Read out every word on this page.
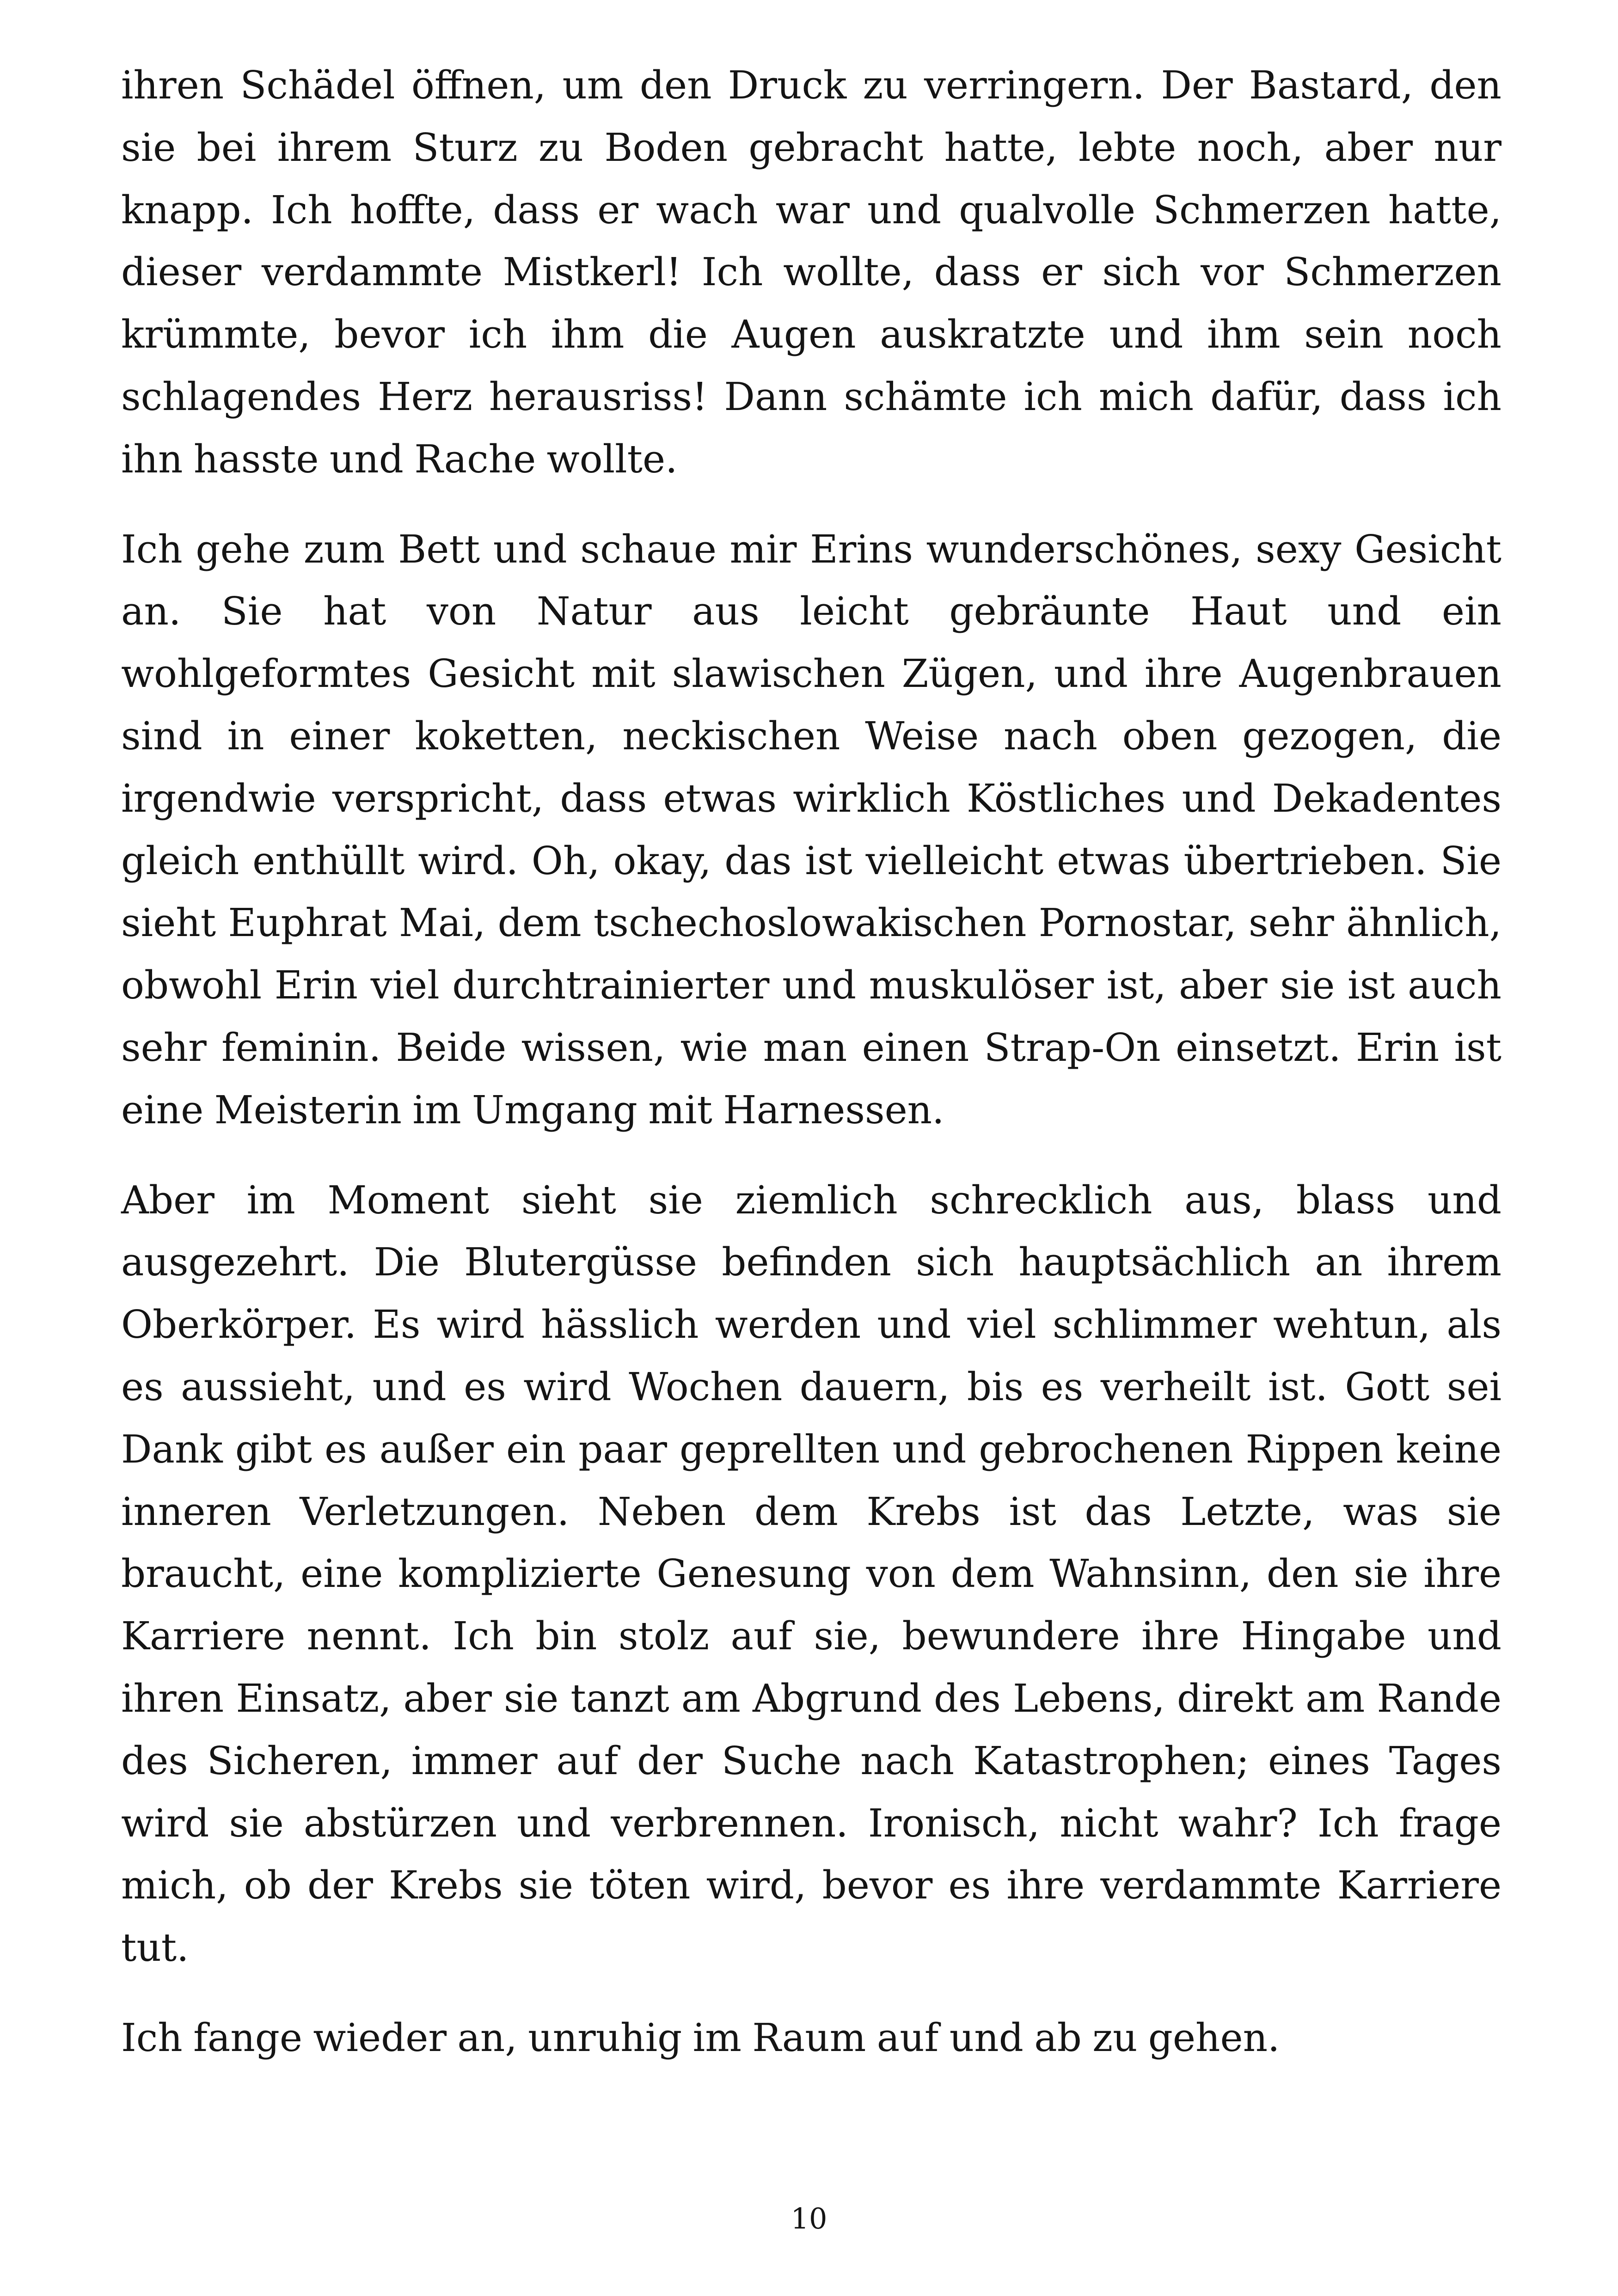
ihren Schädel öffnen, um den Druck zu verringern. Der Bastard, den sie bei ihrem Sturz zu Boden gebracht hatte, lebte noch, aber nur knapp. Ich hoffte, dass er wach war und qualvolle Schmerzen hatte, dieser verdammte Mistkerl! Ich wollte, dass er sich vor Schmerzen krümmte, bevor ich ihm die Augen auskratzte und ihm sein noch schlagendes Herz herausriss! Dann schämte ich mich dafür, dass ich ihn hasste und Rache wollte.

Ich gehe zum Bett und schaue mir Erins wunderschönes, sexy Gesicht an. Sie hat von Natur aus leicht gebräunte Haut und ein wohlgeformtes Gesicht mit slawischen Zügen, und ihre Augenbrauen sind in einer koketten, neckischen Weise nach oben gezogen, die irgendwie verspricht, dass etwas wirklich Köstliches und Dekadentes gleich enthüllt wird. Oh, okay, das ist vielleicht etwas übertrieben. Sie sieht Euphrat Mai, dem tschechoslowakischen Pornostar, sehr ähnlich, obwohl Erin viel durchtrainierter und muskulöser ist, aber sie ist auch sehr feminin. Beide wissen, wie man einen Strap-On einsetzt. Erin ist eine Meisterin im Umgang mit Harnessen.

Aber im Moment sieht sie ziemlich schrecklich aus, blass und ausgezehrt. Die Blutergüsse befinden sich hauptsächlich an ihrem Oberkörper. Es wird hässlich werden und viel schlimmer wehtun, als es aussieht, und es wird Wochen dauern, bis es verheilt ist. Gott sei Dank gibt es außer ein paar geprellten und gebrochenen Rippen keine inneren Verletzungen. Neben dem Krebs ist das Letzte, was sie braucht, eine komplizierte Genesung von dem Wahnsinn, den sie ihre Karriere nennt. Ich bin stolz auf sie, bewundere ihre Hingabe und ihren Einsatz, aber sie tanzt am Abgrund des Lebens, direkt am Rande des Sicheren, immer auf der Suche nach Katastrophen; eines Tages wird sie abstürzen und verbrennen. Ironisch, nicht wahr? Ich frage mich, ob der Krebs sie töten wird, bevor es ihre verdammte Karriere tut.

Ich fange wieder an, unruhig im Raum auf und ab zu gehen.

10
